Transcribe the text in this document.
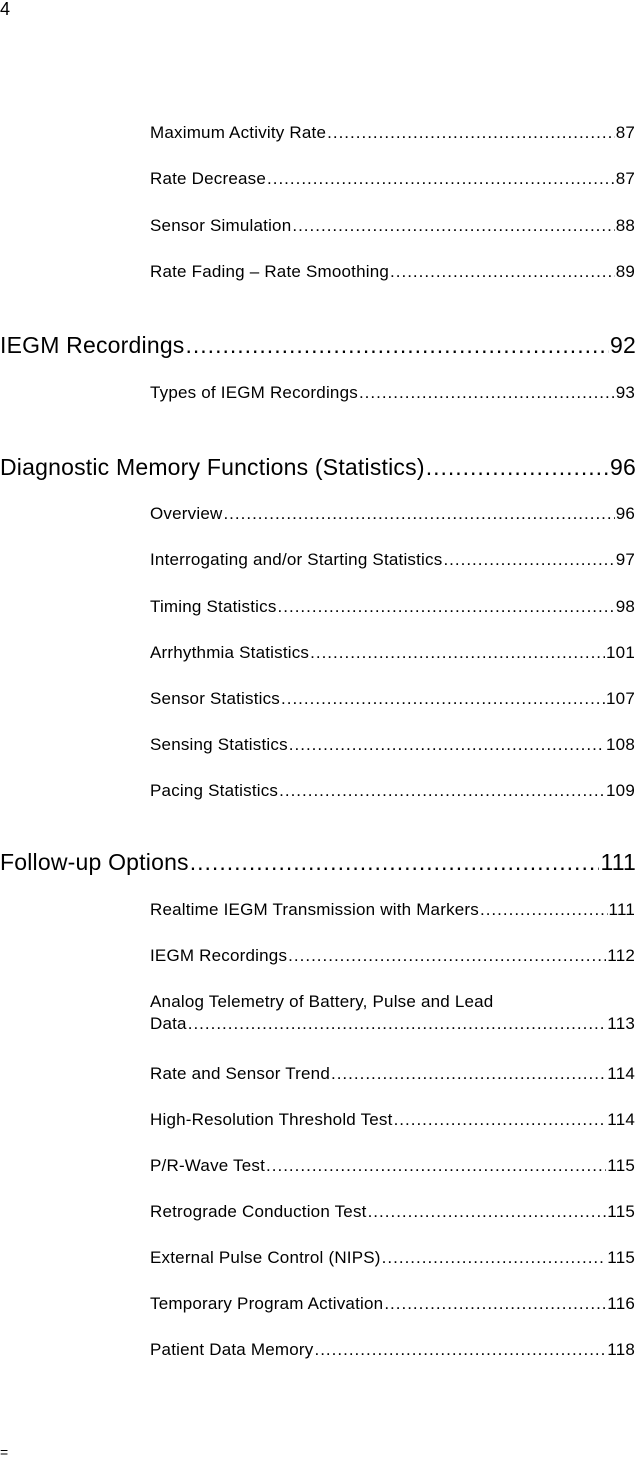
4
Maximum Activity Rate .....	87
Rate Decrease .....	87
Sensor Simulation .....	88
Rate Fading – Rate Smoothing .....	89
IEGM Recordings .....	92
Types of IEGM Recordings .....	93
Diagnostic Memory Functions (Statistics) .....	96
Overview .....	96
Interrogating and/or Starting Statistics .....	97
Timing Statistics .....	98
Arrhythmia Statistics .....	101
Sensor Statistics .....	107
Sensing Statistics .....	108
Pacing Statistics .....	109
Follow-up Options .....	111
Realtime IEGM Transmission with Markers .....	111
IEGM Recordings .....	112
Analog Telemetry of Battery, Pulse and Lead
Data .....	113
Rate and Sensor Trend .....	114
High-Resolution Threshold Test .....	114
P/R-Wave Test .....	115
Retrograde Conduction Test .....	115
External Pulse Control (NIPS) .....	115
Temporary Program Activation .....	116
Patient Data Memory .....	118
=
